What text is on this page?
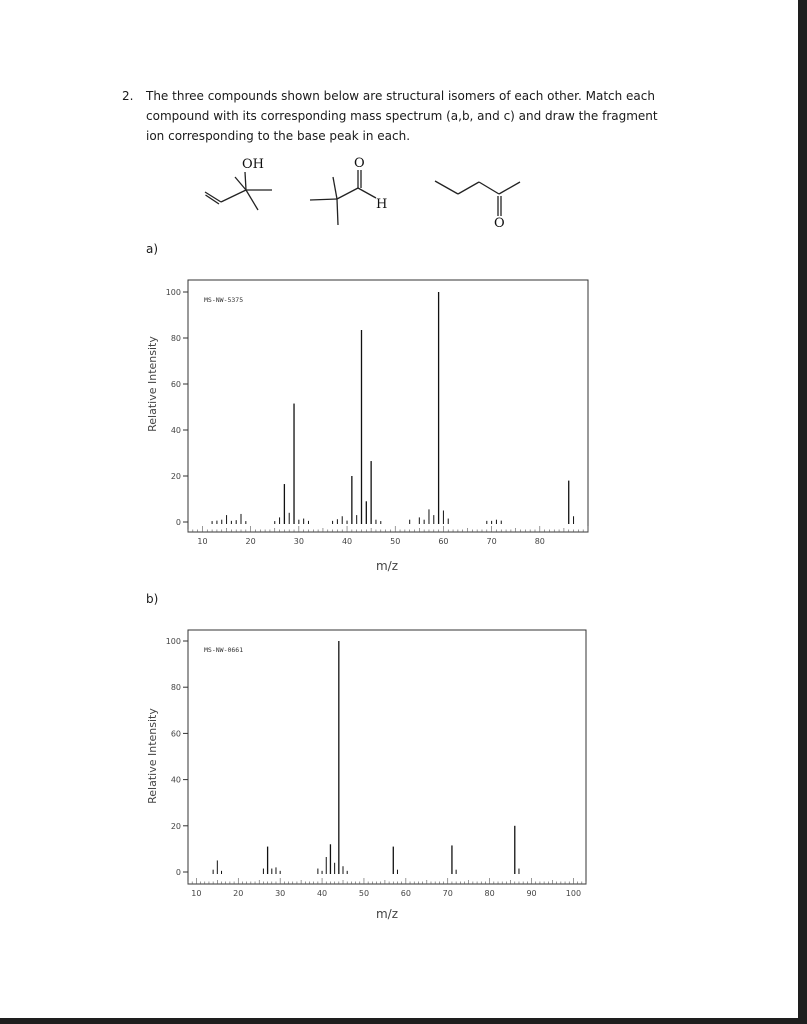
2. The three compounds shown below are structural isomers of each other. Match each compound with its corresponding mass spectrum (a,b, and c) and draw the fragment ion corresponding to the base peak in each.
OH	O
H
O
a)
b)
MS-NW-5375
Relative Intensity
m/z
0
20
40
60
80
100
10	20	30	40	50	60	70	80
MS-NW-0661
Relative Intensity
m/z
0
20
40
60
80
100
10	20	30	40	50	60	70	80	90	100
